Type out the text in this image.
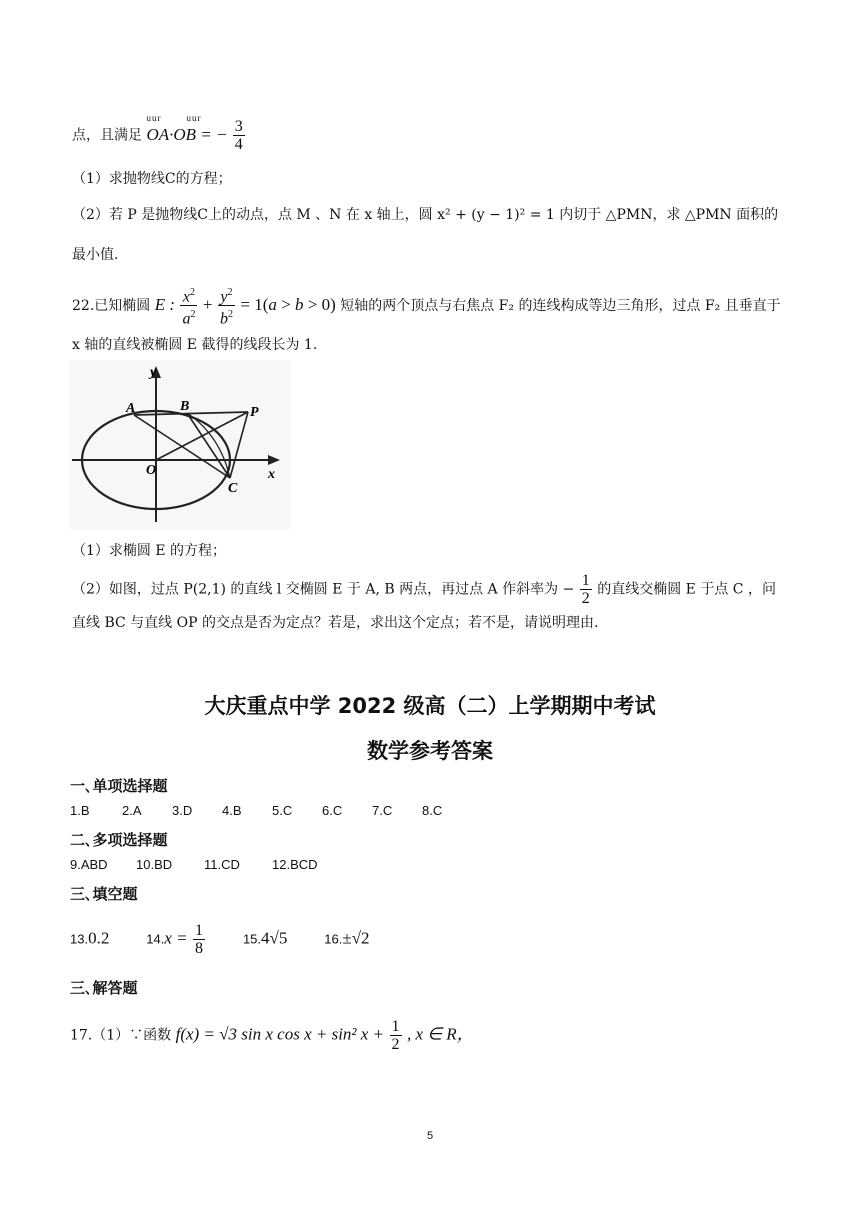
点，且满足
uur	uur
OA·OB = − $\frac{3}{4}$
（1）求抛物线C的方程；
（2）若 P 是抛物线C上的动点，点 M 、N 在 x 轴上，圆 x² + (y − 1)² = 1 内切于 △PMN，求 △PMN 面积的
最小值.
22.已知椭圆 E : $\frac{x^2}{a^2} + \frac{y^2}{b^2} = 1(a > b > 0)$ 短轴的两个顶点与右焦点 F₂ 的连线构成等边三角形，过点 F₂ 且垂直于
x 轴的直线被椭圆 E 截得的线段长为 1.
y
x
A	B	P
O
C
（1）求椭圆 E 的方程；
（2）如图，过点 P(2,1) 的直线 l 交椭圆 E 于 A, B 两点，再过点 A 作斜率为 − $\frac{1}{2}$ 的直线交椭圆 E 于点 C ，问
直线 BC 与直线 OP 的交点是否为定点？若是，求出这个定点；若不是，请说明理由.
大庆重点中学 2022 级高（二）上学期期中考试
数学参考答案
一､单项选择题
1.B 2.A 3.D 4.B 5.C 6.C 7.C 8.C
二､多项选择题
9.ABD 10.BD 11.CD 12.BCD
三､填空题
13.0.2	$14.x = \frac{1}{8}$	15.4√5	16.±√2
三､解答题
17.（1）∵函数 f(x) = √3 sin x cos x + sin² $x + \frac{1}{2}$ , x ∈ R，
5
